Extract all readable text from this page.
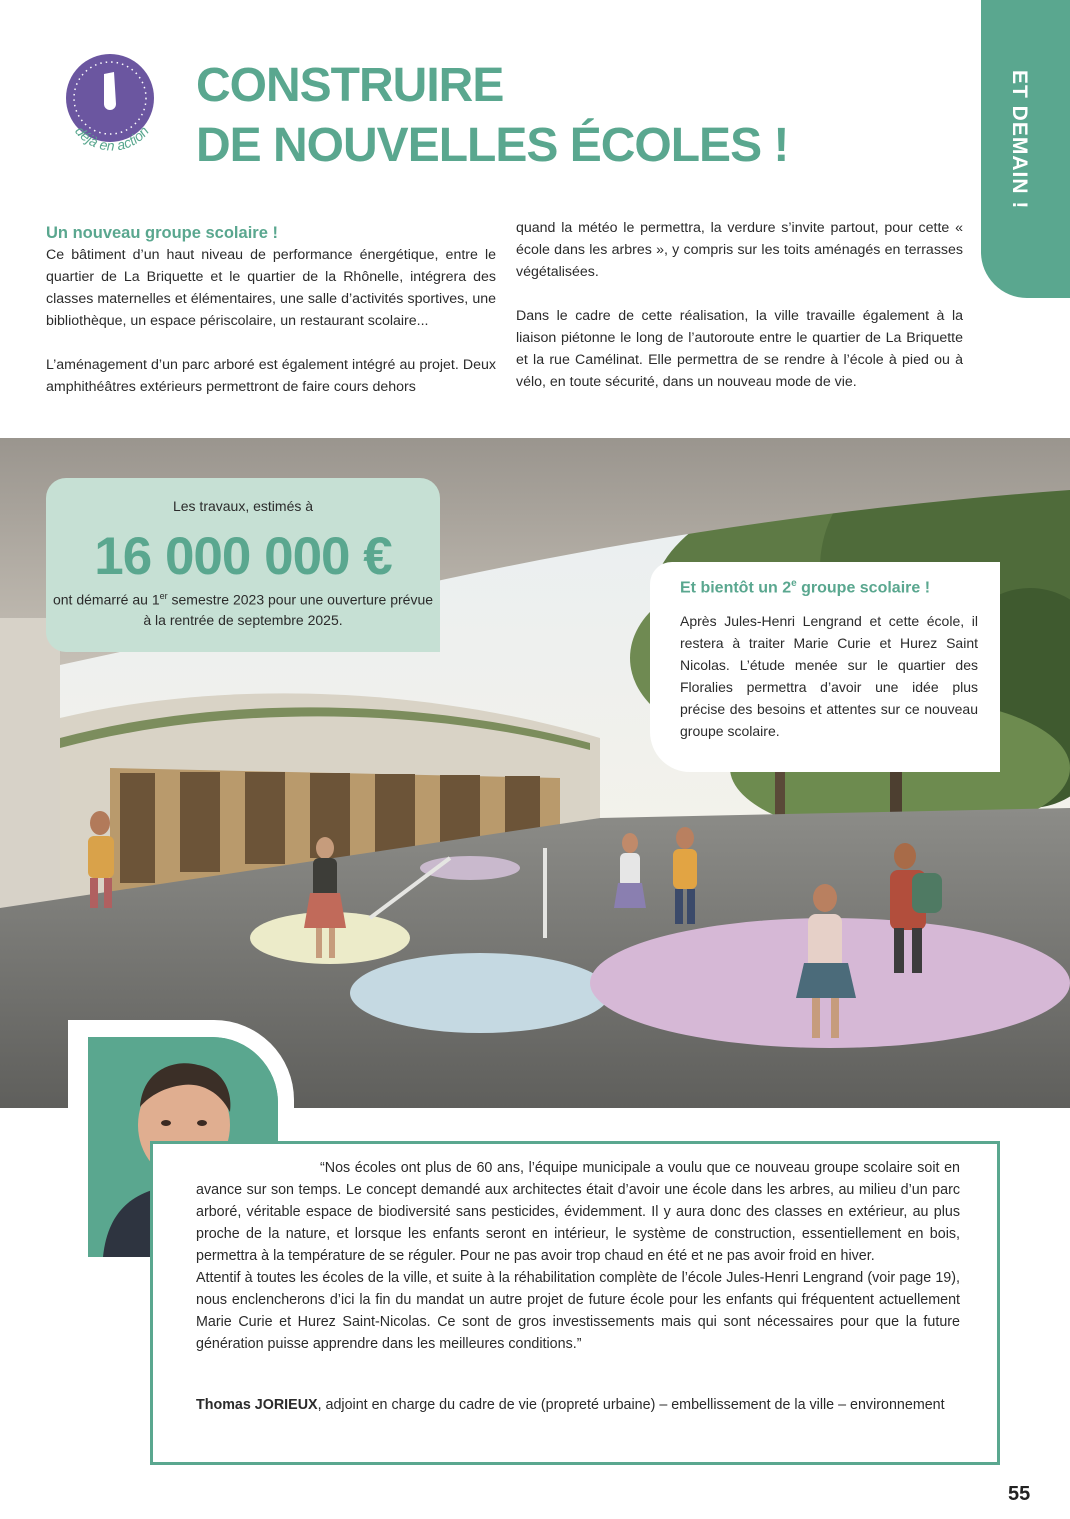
ET DEMAIN !
déjà en action
CONSTRUIRE
DE NOUVELLES ÉCOLES !
Un nouveau groupe scolaire !

Ce bâtiment d’un haut niveau de performance énergétique, entre le quartier de La Briquette et le quartier de la Rhônelle, intégrera des classes maternelles et élémentaires, une salle d’activités sportives, une bibliothèque, un espace périscolaire, un restaurant scolaire...

L’aménagement d’un parc arboré est également intégré au projet. Deux amphithéâtres extérieurs permettront de faire cours dehors

quand la météo le permettra, la verdure s’invite partout, pour cette « école dans les arbres », y compris sur les toits aménagés en terrasses végétalisées.

Dans le cadre de cette réalisation, la ville travaille également à la liaison piétonne le long de l’autoroute entre le quartier de La Briquette et la rue Camélinat. Elle permettra de se rendre à l’école à pied ou à vélo, en toute sécurité, dans un nouveau mode de vie.

Les travaux, estimés à
16 000 000 €
ont démarré au 1er semestre 2023 pour une ouverture prévue à la rentrée de septembre 2025.
Et bientôt un 2e groupe scolaire !
Après Jules-Henri Lengrand et cette école, il restera à traiter Marie Curie et Hurez Saint Nicolas. L’étude menée sur le quartier des Floralies permettra d’avoir une idée plus précise des besoins et attentes sur ce nouveau groupe scolaire.

“Nos écoles ont plus de 60 ans, l’équipe municipale a voulu que ce nouveau groupe scolaire soit en avance sur son temps. Le concept demandé aux architectes était d’avoir une école dans les arbres, au milieu d’un parc arboré, véritable espace de biodiversité sans pesticides, évidemment. Il y aura donc des classes en extérieur, au plus proche de la nature, et lorsque les enfants seront en intérieur, le système de construction, essentiellement en bois, permettra à la température de se réguler. Pour ne pas avoir trop chaud en été et ne pas avoir froid en hiver.

Attentif à toutes les écoles de la ville, et suite à la réhabilitation complète de l’école Jules-Henri Lengrand (voir page 19), nous enclencherons d’ici la fin du mandat un autre projet de future école pour les enfants qui fréquentent actuellement Marie Curie et Hurez Saint-Nicolas. Ce sont de gros investissements mais qui sont nécessaires pour que la future génération puisse apprendre dans les meilleures conditions.”

Thomas JORIEUX, adjoint en charge du cadre de vie (propreté urbaine) – embellissement de la ville – environnement
55
